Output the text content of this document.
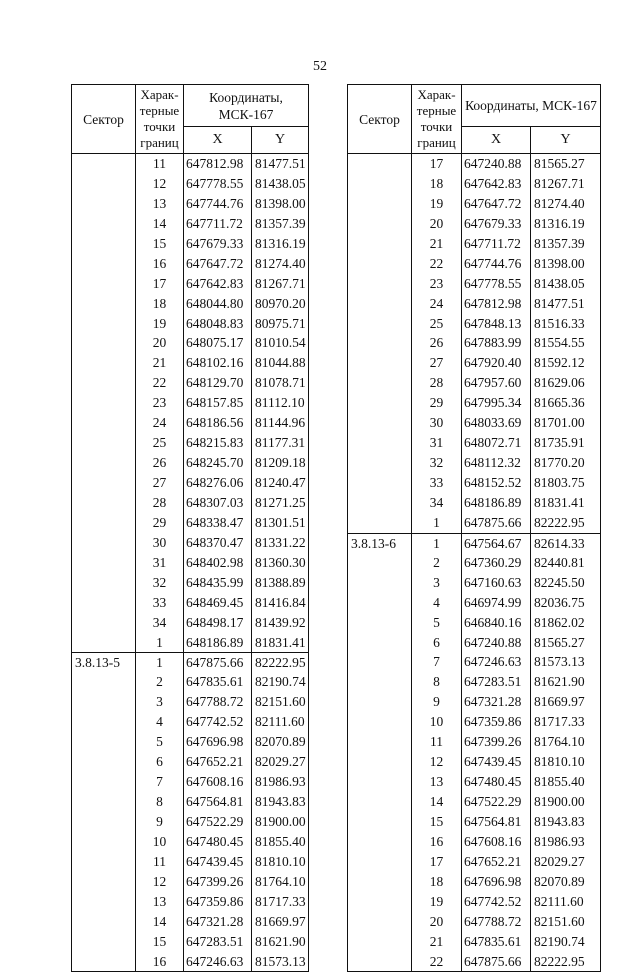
52
Сектор
Харак-терные точки границ
Координаты, МСК-167
X	Y
11	647812.98 81477.51
12	647778.55 81438.05
13	647744.76 81398.00
14	647711.72 81357.39
15	647679.33 81316.19
16	647647.72 81274.40
17	647642.83 81267.71
18	648044.80 80970.20
19	648048.83 80975.71
20	648075.17 81010.54
21	648102.16 81044.88
22	648129.70 81078.71
23	648157.85 81112.10
24	648186.56 81144.96
25	648215.83 81177.31
26	648245.70 81209.18
27	648276.06 81240.47
28	648307.03 81271.25
29	648338.47 81301.51
30	648370.47 81331.22
31	648402.98 81360.30
32	648435.99 81388.89
33	648469.45 81416.84
34	648498.17 81439.92
1	648186.89 81831.41
3.8.13-5	1	647875.66 82222.95
2	647835.61 82190.74
3	647788.72 82151.60
4	647742.52 82111.60
5	647696.98 82070.89
6	647652.21 82029.27
7	647608.16 81986.93
8	647564.81 81943.83
9	647522.29 81900.00
10	647480.45 81855.40
11	647439.45 81810.10
12	647399.26 81764.10
13	647359.86 81717.33
14	647321.28 81669.97
15	647283.51 81621.90
16	647246.63 81573.13
Сектор
Харак-терные точки границ
Координаты, МСК-167
X	Y
17	647240.88 81565.27
18	647642.83 81267.71
19	647647.72 81274.40
20	647679.33 81316.19
21	647711.72 81357.39
22	647744.76 81398.00
23	647778.55 81438.05
24	647812.98 81477.51
25	647848.13 81516.33
26	647883.99 81554.55
27	647920.40 81592.12
28	647957.60 81629.06
29	647995.34 81665.36
30	648033.69 81701.00
31	648072.71 81735.91
32	648112.32 81770.20
33	648152.52 81803.75
34	648186.89 81831.41
1	647875.66 82222.95
3.8.13-6	1	647564.67 82614.33
2	647360.29 82440.81
3	647160.63 82245.50
4	646974.99 82036.75
5	646840.16 81862.02
6	647240.88 81565.27
7	647246.63 81573.13
8	647283.51 81621.90
9	647321.28 81669.97
10	647359.86 81717.33
11	647399.26 81764.10
12	647439.45 81810.10
13	647480.45 81855.40
14	647522.29 81900.00
15	647564.81 81943.83
16	647608.16 81986.93
17	647652.21 82029.27
18	647696.98 82070.89
19	647742.52 82111.60
20	647788.72 82151.60
21	647835.61 82190.74
22	647875.66 82222.95
